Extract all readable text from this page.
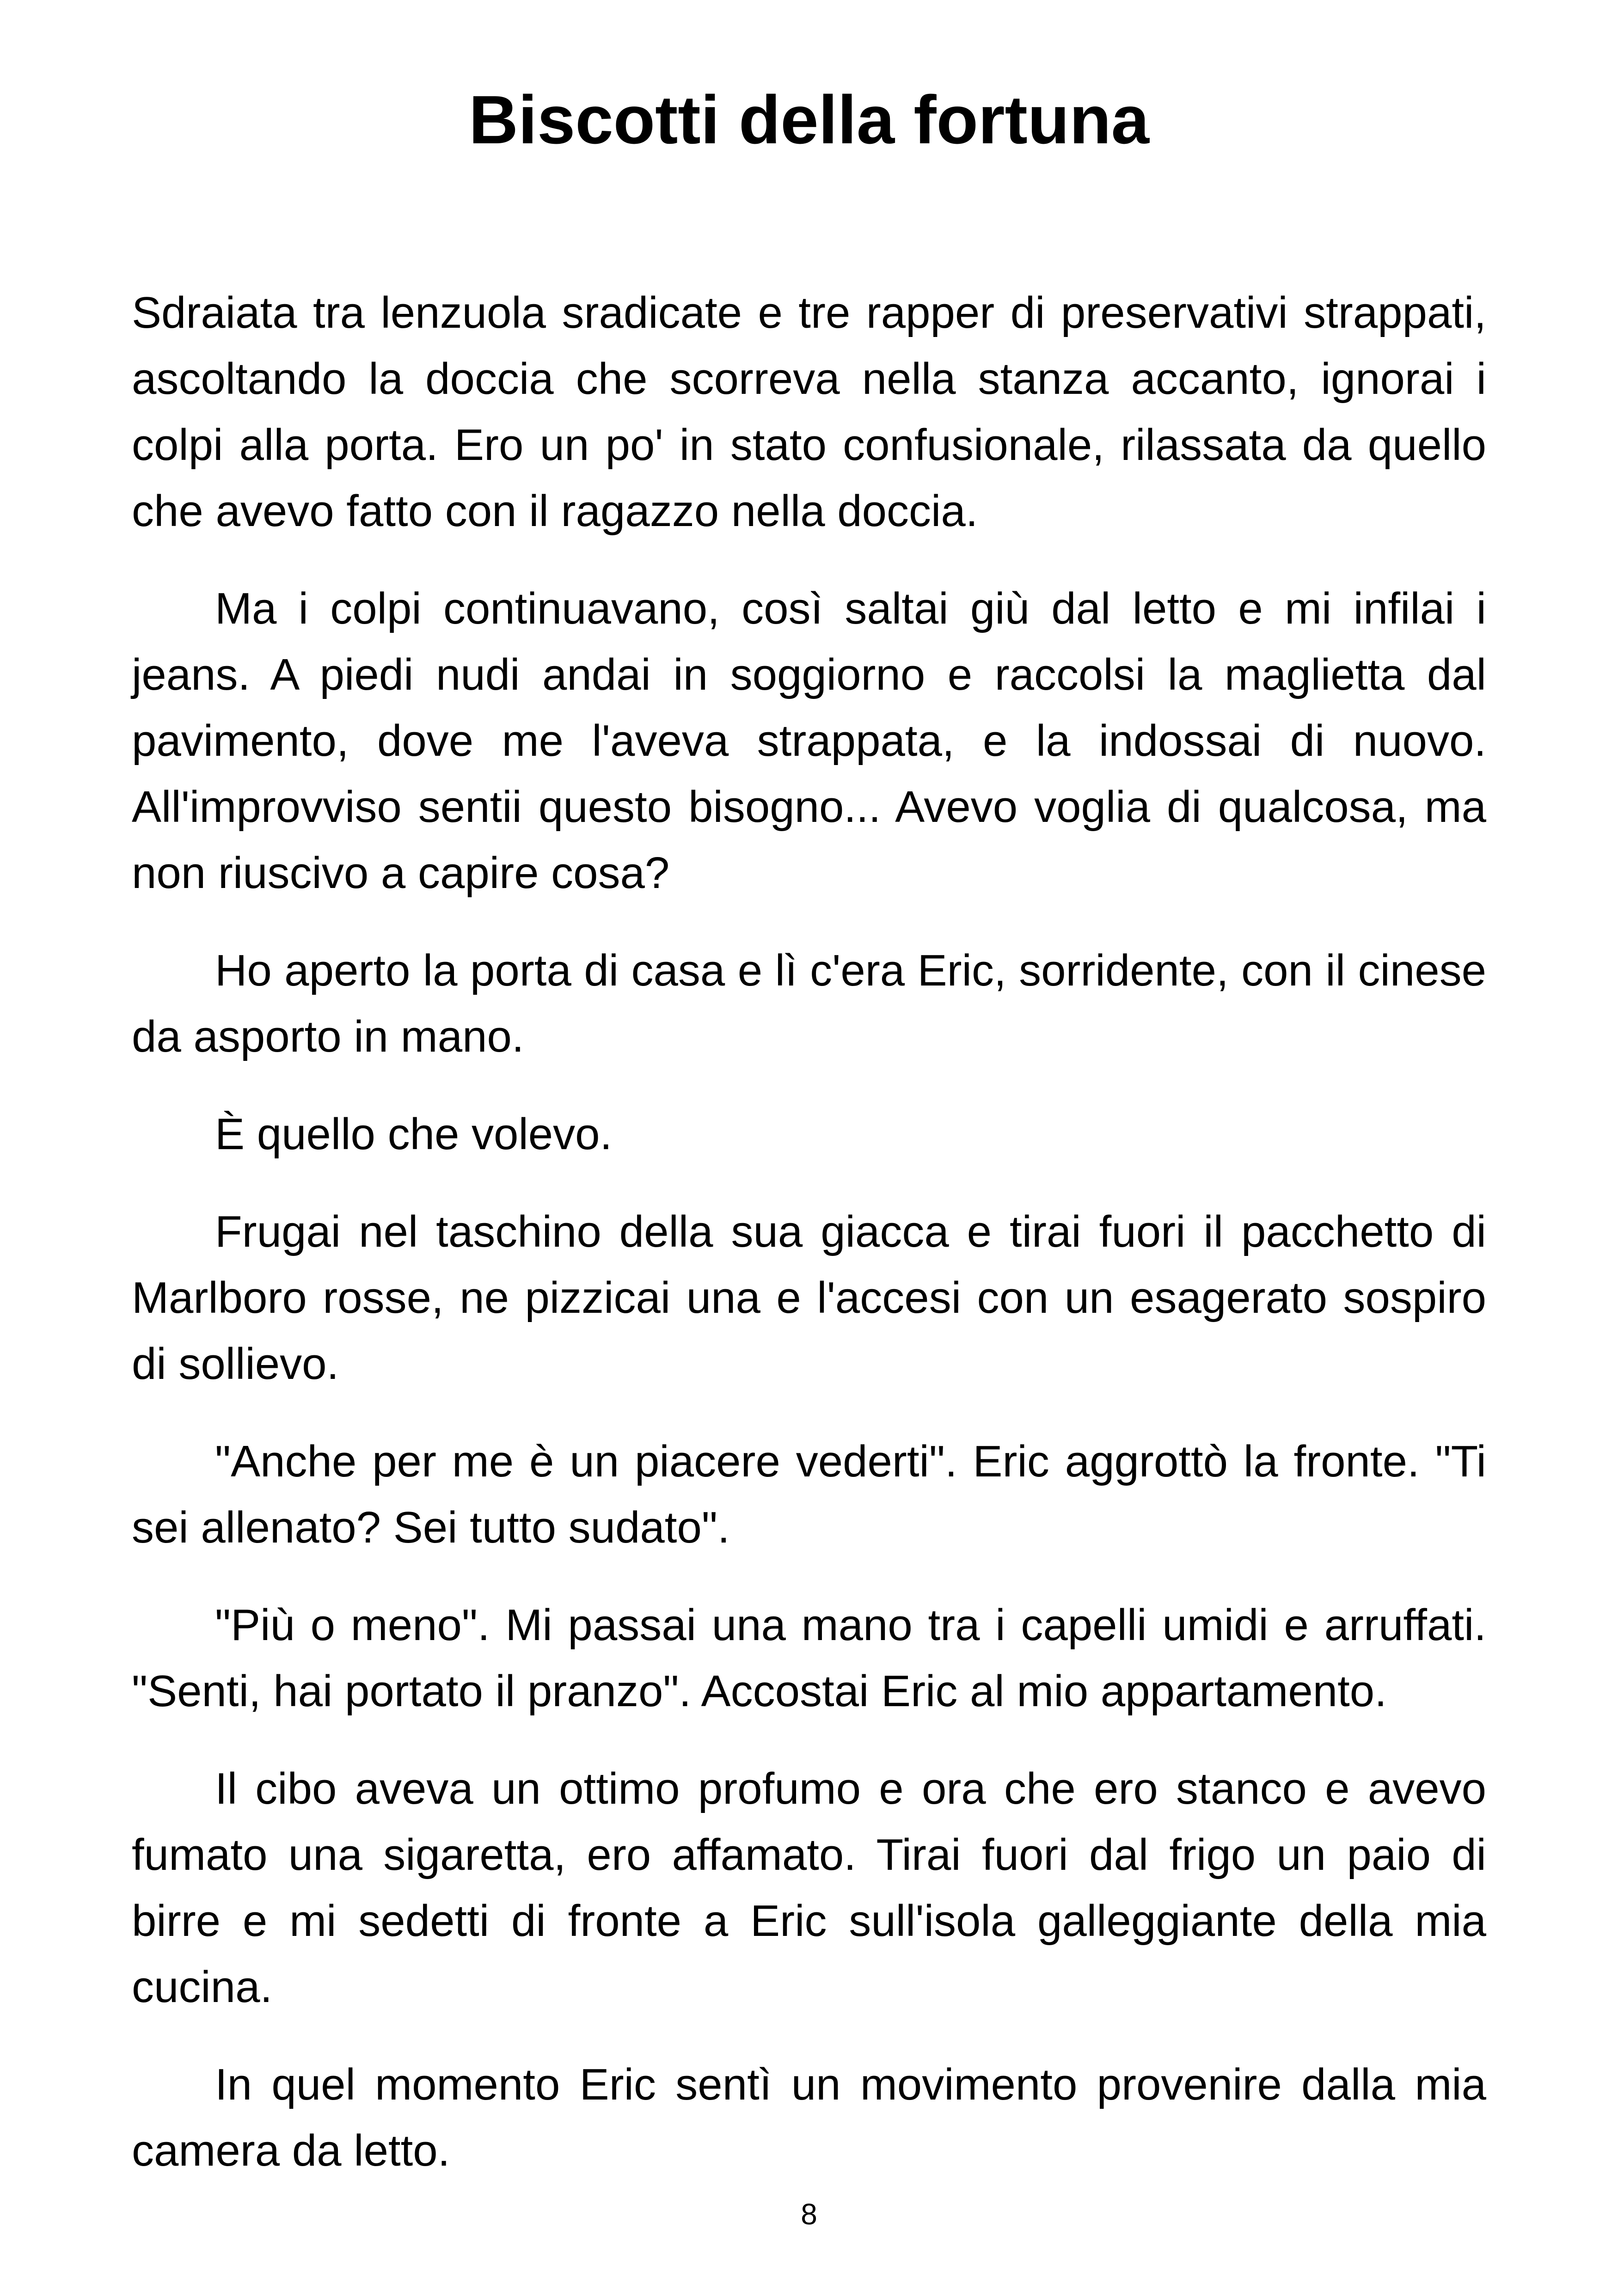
Biscotti della fortuna

Sdraiata tra lenzuola sradicate e tre rapper di preservativi strappati, ascoltando la doccia che scorreva nella stanza accanto, ignorai i colpi alla porta. Ero un po' in stato confusionale, rilassata da quello che avevo fatto con il ragazzo nella doccia.

Ma i colpi continuavano, così saltai giù dal letto e mi infilai i jeans. A piedi nudi andai in soggiorno e raccolsi la maglietta dal pavimento, dove me l'aveva strappata, e la indossai di nuovo. All'improvviso sentii questo bisogno... Avevo voglia di qualcosa, ma non riuscivo a capire cosa?

Ho aperto la porta di casa e lì c'era Eric, sorridente, con il cinese da asporto in mano.

È quello che volevo.

Frugai nel taschino della sua giacca e tirai fuori il pacchetto di Marlboro rosse, ne pizzicai una e l'accesi con un esagerato sospiro di sollievo.

"Anche per me è un piacere vederti". Eric aggrottò la fronte. "Ti sei allenato? Sei tutto sudato".

"Più o meno". Mi passai una mano tra i capelli umidi e arruffati. "Senti, hai portato il pranzo". Accostai Eric al mio appartamento.

Il cibo aveva un ottimo profumo e ora che ero stanco e avevo fumato una sigaretta, ero affamato. Tirai fuori dal frigo un paio di birre e mi sedetti di fronte a Eric sull'isola galleggiante della mia cucina.

In quel momento Eric sentì un movimento provenire dalla mia camera da letto.

8
